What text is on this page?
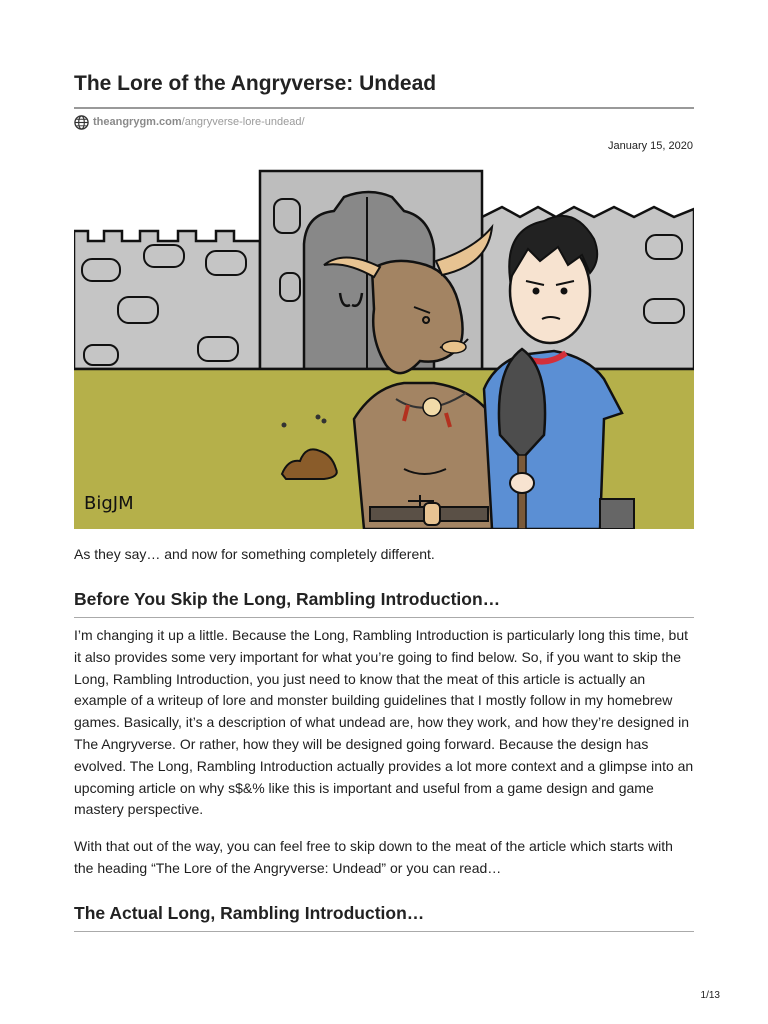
The Lore of the Angryverse: Undead
theangrygm.com /angryverse-lore-undead/
January 15, 2020
BigJM

As they say… and now for something completely different.

Before You Skip the Long, Rambling Introduction…

I’m changing it up a little. Because the Long, Rambling Introduction is particularly long this time, but it also provides some very important for what you’re going to find below. So, if you want to skip the Long, Rambling Introduction, you just need to know that the meat of this article is actually an example of a writeup of lore and monster building guidelines that I mostly follow in my homebrew games. Basically, it’s a description of what undead are, how they work, and how they’re designed in The Angryverse. Or rather, how they will be designed going forward. Because the design has evolved. The Long, Rambling Introduction actually provides a lot more context and a glimpse into an upcoming article on why s$&% like this is important and useful from a game design and game mastery perspective.

With that out of the way, you can feel free to skip down to the meat of the article which starts with the heading “The Lore of the Angryverse: Undead” or you can read…

The Actual Long, Rambling Introduction…
1/13
